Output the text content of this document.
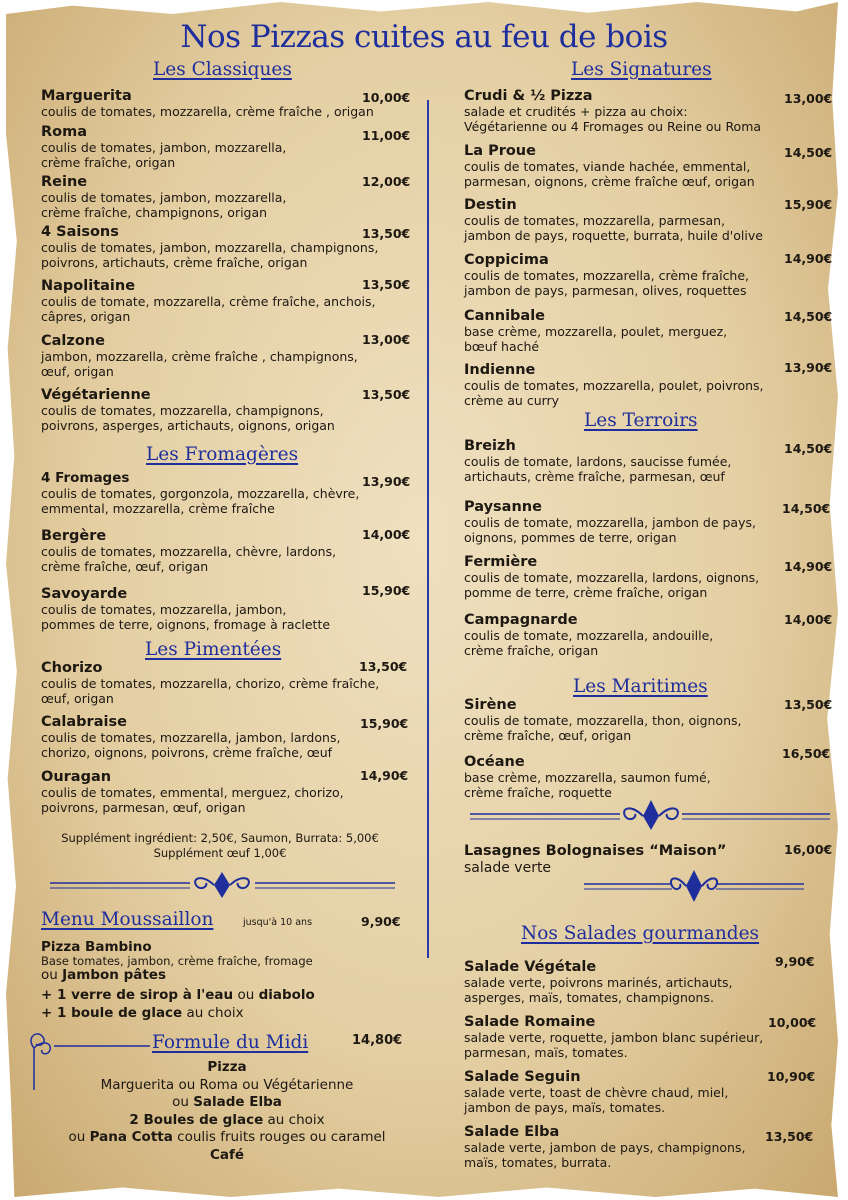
Nos Pizzas cuites au feu de bois
Les Classiques
Marguerita
coulis de tomates, mozzarella, crème fraîche , origan
10,00€
Roma
coulis de tomates, jambon, mozzarella,
crème fraîche, origan
11,00€
Reine
coulis de tomates, jambon, mozzarella,
crème fraîche, champignons, origan
12,00€
4 Saisons
coulis de tomates, jambon, mozzarella, champignons,
poivrons, artichauts, crème fraîche, origan
13,50€
Napolitaine
coulis de tomate, mozzarella, crème fraîche, anchois,
câpres, origan
13,50€
Calzone
jambon, mozzarella, crème fraîche , champignons,
œuf, origan
13,00€
Végétarienne
coulis de tomates, mozzarella, champignons,
poivrons, asperges, artichauts, oignons, origan
13,50€
Les Fromagères
4 Fromages
coulis de tomates, gorgonzola, mozzarella, chèvre,
emmental, mozzarella, crème fraîche
13,90€
Bergère
coulis de tomates, mozzarella, chèvre, lardons,
crème fraîche, œuf, origan
14,00€
Savoyarde
coulis de tomates, mozzarella, jambon,
pommes de terre, oignons, fromage à raclette
15,90€
Les Pimentées
Chorizo
coulis de tomates, mozzarella, chorizo, crème fraîche,
œuf, origan
13,50€
Calabraise
coulis de tomates, mozzarella, jambon, lardons,
chorizo, oignons, poivrons, crème fraîche, œuf
15,90€
Ouragan
coulis de tomates, emmental, merguez, chorizo,
poivrons, parmesan, œuf, origan
14,90€
Supplément ingrédient: 2,50€, Saumon, Burrata: 5,00€
Supplément œuf 1,00€
Menu Moussaillon	jusqu'à 10 ans	9,90€
Pizza Bambino
Base tomates, jambon, crème fraîche, fromage
ou Jambon pâtes
+ 1 verre de sirop à l'eau ou diabolo
+ 1 boule de glace au choix
Formule du Midi	14,80€
Pizza
Marguerita ou Roma ou Végétarienne
ou Salade Elba
2 Boules de glace au choix
ou Pana Cotta coulis fruits rouges ou caramel
Café
Les Signatures
Crudi & ½ Pizza
salade et crudités + pizza au choix:
Végétarienne ou 4 Fromages ou Reine ou Roma
13,00€
La Proue
coulis de tomates, viande hachée, emmental,
parmesan, oignons, crème fraîche œuf, origan
14,50€
Destin
coulis de tomates, mozzarella, parmesan,
jambon de pays, roquette, burrata, huile d'olive
15,90€
Coppicima
coulis de tomates, mozzarella, crème fraîche,
jambon de pays, parmesan, olives, roquettes
14,90€
Cannibale
base crème, mozzarella, poulet, merguez,
bœuf haché
14,50€
Indienne
coulis de tomates, mozzarella, poulet, poivrons,
crème au curry
13,90€
Les Terroirs
Breizh
coulis de tomate, lardons, saucisse fumée,
artichauts, crème fraîche, parmesan, œuf
14,50€
Paysanne
coulis de tomate, mozzarella, jambon de pays,
oignons, pommes de terre, origan
14,50€
Fermière
coulis de tomate, mozzarella, lardons, oignons,
pomme de terre, crème fraîche, origan
14,90€
Campagnarde
coulis de tomate, mozzarella, andouille,
crème fraîche, origan
14,00€
Les Maritimes
Sirène
coulis de tomate, mozzarella, thon, oignons,
crème fraîche, œuf, origan
13,50€
Océane
base crème, mozzarella, saumon fumé,
crème fraîche, roquette
16,50€
Lasagnes Bolognaises “Maison”
salade verte
16,00€
Nos Salades gourmandes
Salade Végétale
salade verte, poivrons marinés, artichauts,
asperges, maïs, tomates, champignons.
9,90€
Salade Romaine
salade verte, roquette, jambon blanc supérieur,
parmesan, maïs, tomates.
10,00€
Salade Seguin
salade verte, toast de chèvre chaud, miel,
jambon de pays, maïs, tomates.
10,90€
Salade Elba
salade verte, jambon de pays, champignons,
maïs, tomates, burrata.
13,50€
